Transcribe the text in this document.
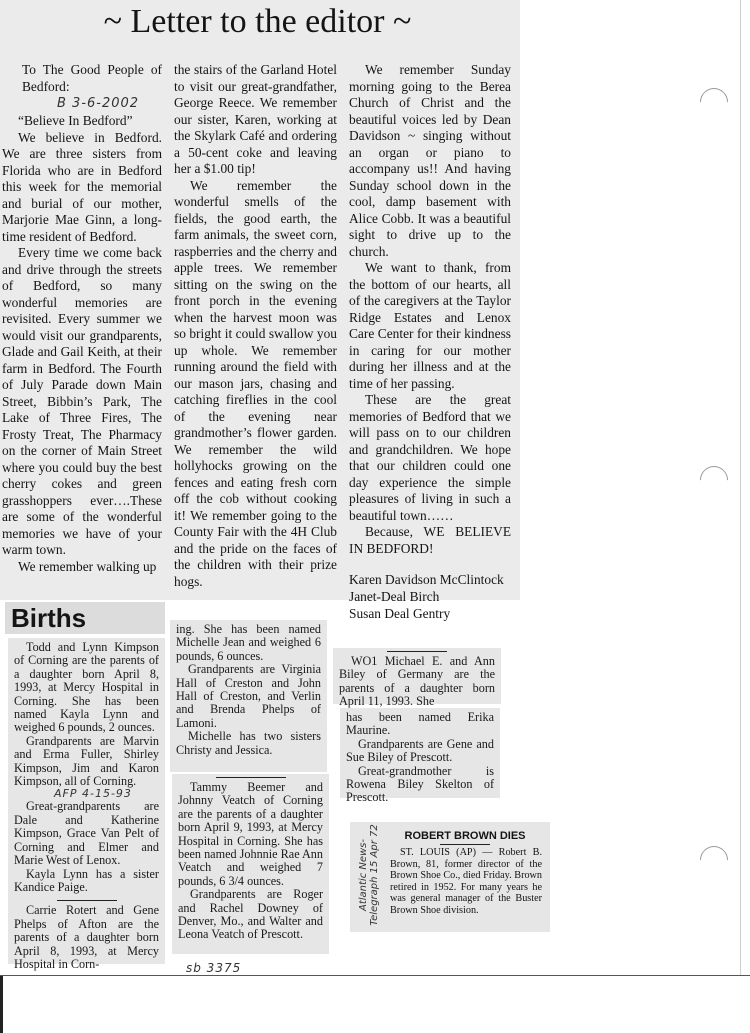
~ Letter to the editor ~

To The Good People of Bedford:

B 3-6-2002

“Believe In Bedford”

We believe in Bedford. We are three sisters from Florida who are in Bedford this week for the memorial and burial of our mother, Marjorie Mae Ginn, a long-time resident of Bedford.

Every time we come back and drive through the streets of Bedford, so many wonderful memories are revisited. Every summer we would visit our grandparents, Glade and Gail Keith, at their farm in Bedford. The Fourth of July Parade down Main Street, Bibbin’s Park, The Lake of Three Fires, The Frosty Treat, The Pharmacy on the corner of Main Street where you could buy the best cherry cokes and green grasshoppers ever….These are some of the wonderful memories we have of your warm town.

We remember walking up

the stairs of the Garland Hotel to visit our great-grandfather, George Reece. We remember our sister, Karen, working at the Skylark Café and ordering a 50-cent coke and leaving her a $1.00 tip!

We remember the wonderful smells of the fields, the good earth, the farm animals, the sweet corn, raspberries and the cherry and apple trees. We remember sitting on the swing on the front porch in the evening when the harvest moon was so bright it could swallow you up whole. We remember running around the field with our mason jars, chasing and catching fireflies in the cool of the evening near grandmother’s flower garden. We remember the wild hollyhocks growing on the fences and eating fresh corn off the cob without cooking it! We remember going to the County Fair with the 4H Club and the pride on the faces of the children with their prize hogs.

We remember Sunday morning going to the Berea Church of Christ and the beautiful voices led by Dean Davidson ~ singing without an organ or piano to accompany us!! And having Sunday school down in the cool, damp basement with Alice Cobb. It was a beautiful sight to drive up to the church.

We want to thank, from the bottom of our hearts, all of the caregivers at the Taylor Ridge Estates and Lenox Care Center for their kindness in caring for our mother during her illness and at the time of her passing.

These are the great memories of Bedford that we will pass on to our children and grandchildren. We hope that our children could one day experience the simple pleasures of living in such a beautiful town……

Because, WE BELIEVE IN BEDFORD!

Karen Davidson McClintock
Janet-Deal Birch
Susan Deal Gentry
Births

Todd and Lynn Kimpson of Corning are the parents of a daughter born April 8, 1993, at Mercy Hospital in Corning. She has been named Kayla Lynn and weighed 6 pounds, 2 ounces.

Grandparents are Marvin and Erma Fuller, Shirley Kimpson, Jim and Karon Kimpson, all of Corning.

AFP 4-15-93

Great-grandparents are Dale and Katherine Kimpson, Grace Van Pelt of Corning and Elmer and Marie West of Lenox.

Kayla Lynn has a sister Kandice Paige.

Carrie Rotert and Gene Phelps of Afton are the parents of a daughter born April 8, 1993, at Mercy Hospital in Corn-

ing. She has been named Michelle Jean and weighed 6 pounds, 6 ounces.

Grandparents are Virginia Hall of Creston and John Hall of Creston, and Verlin and Brenda Phelps of Lamoni.

Michelle has two sisters Christy and Jessica.

Tammy Beemer and Johnny Veatch of Corning are the parents of a daughter born April 9, 1993, at Mercy Hospital in Corning. She has been named Johnnie Rae Ann Veatch and weighed 7 pounds, 6 3/4 ounces.

Grandparents are Roger and Rachel Downey of Denver, Mo., and Walter and Leona Veatch of Prescott.

WO1 Michael E. and Ann Biley of Germany are the parents of a daughter born April 11, 1993. She

has been named Erika Maurine.

Grandparents are Gene and Sue Biley of Prescott.

Great-grandmother is Rowena Biley Skelton of Prescott.

Atlantic News-Telegraph 15 Apr 72	ROBERT BROWN DIES
ST. LOUIS (AP) — Robert B. Brown, 81, former director of the Brown Shoe Co., died Friday. Brown retired in 1952. For many years he was general manager of the Buster Brown Shoe division.
sb 3375
